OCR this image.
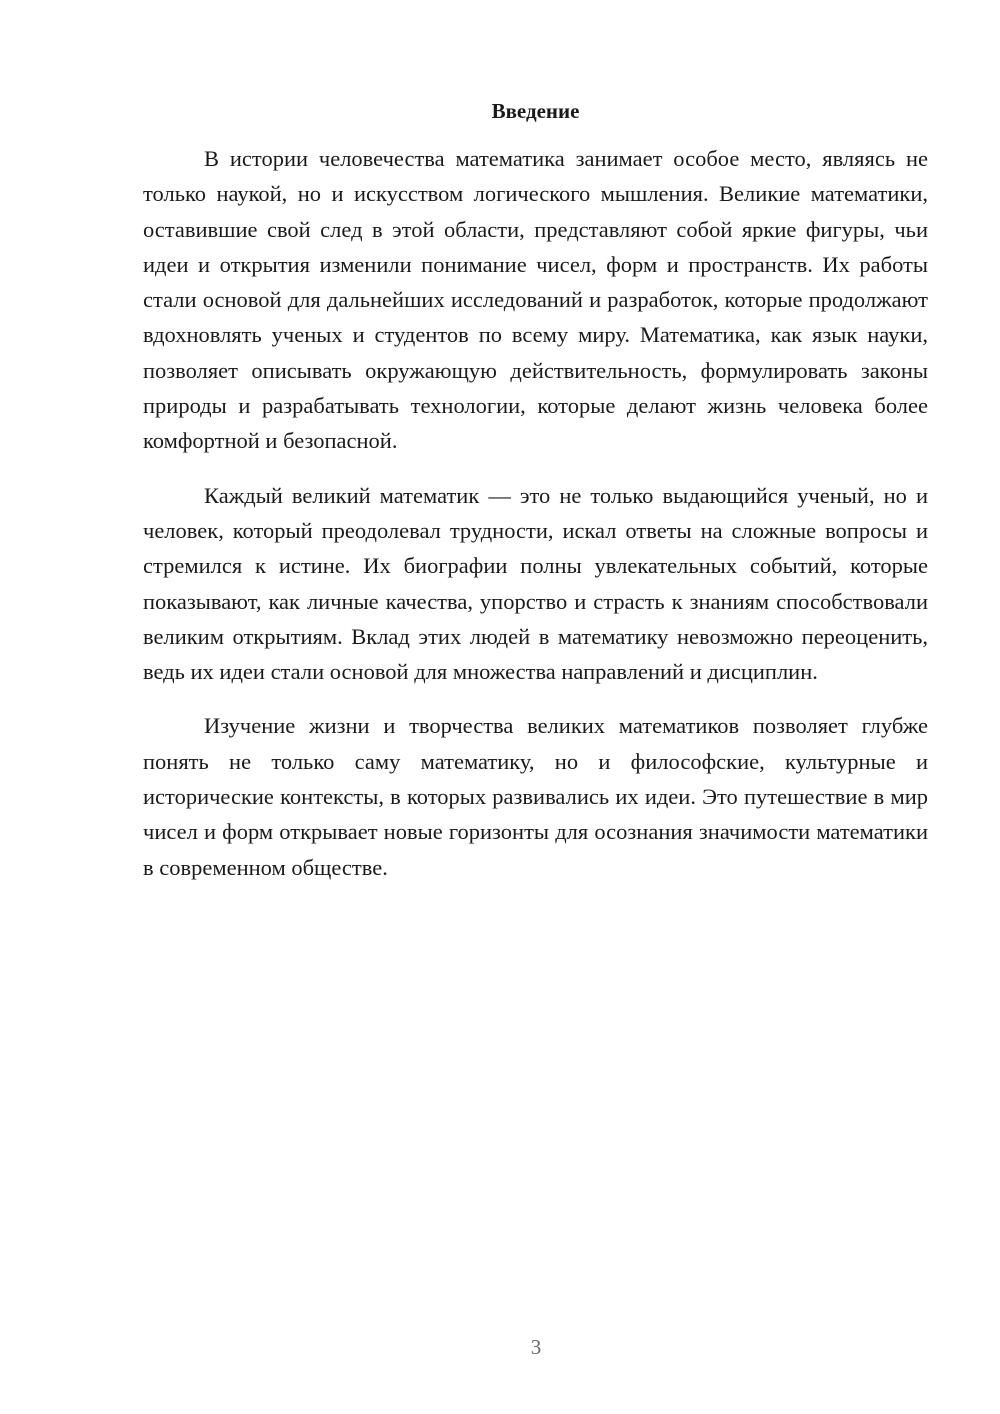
Введение

В истории человечества математика занимает особое место, являясь не только наукой, но и искусством логического мышления. Великие математики, оставившие свой след в этой области, представляют собой яркие фигуры, чьи идеи и открытия изменили понимание чисел, форм и пространств. Их работы стали основой для дальнейших исследований и разработок, которые продолжают вдохновлять ученых и студентов по всему миру. Математика, как язык науки, позволяет описывать окружающую действительность, формулировать законы природы и разрабатывать технологии, которые делают жизнь человека более комфортной и безопасной.

Каждый великий математик — это не только выдающийся ученый, но и человек, который преодолевал трудности, искал ответы на сложные вопросы и стремился к истине. Их биографии полны увлекательных событий, которые показывают, как личные качества, упорство и страсть к знаниям способствовали великим открытиям. Вклад этих людей в математику невозможно переоценить, ведь их идеи стали основой для множества направлений и дисциплин.

Изучение жизни и творчества великих математиков позволяет глубже понять не только саму математику, но и философские, культурные и исторические контексты, в которых развивались их идеи. Это путешествие в мир чисел и форм открывает новые горизонты для осознания значимости математики в современном обществе.

3
